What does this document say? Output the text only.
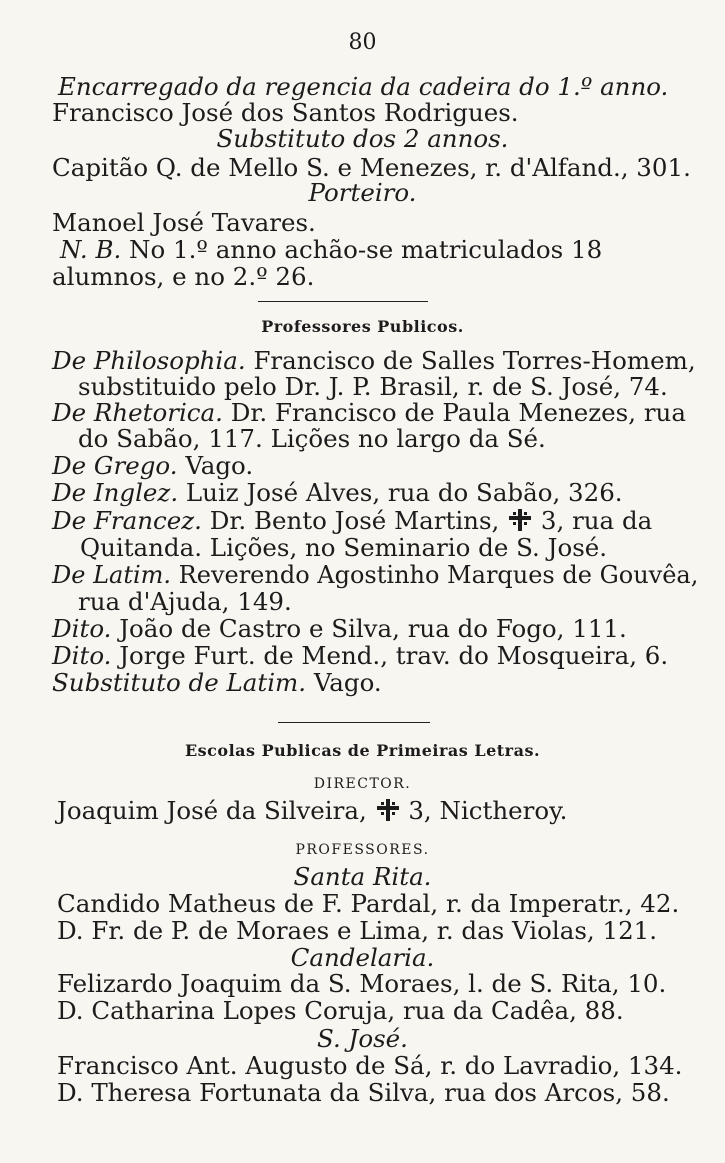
80
Encarregado da regencia da cadeira do 1.º anno.
Francisco José dos Santos Rodrigues.
Substituto dos 2 annos.
Capitão Q. de Mello S. e Menezes, r. d'Alfand., 301.
Porteiro.
Manoel José Tavares.
N. B. No 1.º anno achão-se matriculados 18
alumnos, e no 2.º 26.
Professores Publicos.
De Philosophia. Francisco de Salles Torres-Homem,
substituido pelo Dr. J. P. Brasil, r. de S. José, 74.
De Rhetorica. Dr. Francisco de Paula Menezes, rua
do Sabão, 117. Lições no largo da Sé.
De Grego. Vago.
De Inglez. Luiz José Alves, rua do Sabão, 326.
De Francez. Dr. Bento José Martins, 3, rua da
Quitanda. Lições, no Seminario de S. José.
De Latim. Reverendo Agostinho Marques de Gouvêa,
rua d'Ajuda, 149.
Dito. João de Castro e Silva, rua do Fogo, 111.
Dito. Jorge Furt. de Mend., trav. do Mosqueira, 6.
Substituto de Latim. Vago.
Escolas Publicas de Primeiras Letras.
DIRECTOR.
Joaquim José da Silveira, 3, Nictheroy.
PROFESSORES.
Santa Rita.
Candido Matheus de F. Pardal, r. da Imperatr., 42.
D. Fr. de P. de Moraes e Lima, r. das Violas, 121.
Candelaria.
Felizardo Joaquim da S. Moraes, l. de S. Rita, 10.
D. Catharina Lopes Coruja, rua da Cadêa, 88.
S. José.
Francisco Ant. Augusto de Sá, r. do Lavradio, 134.
D. Theresa Fortunata da Silva, rua dos Arcos, 58.
